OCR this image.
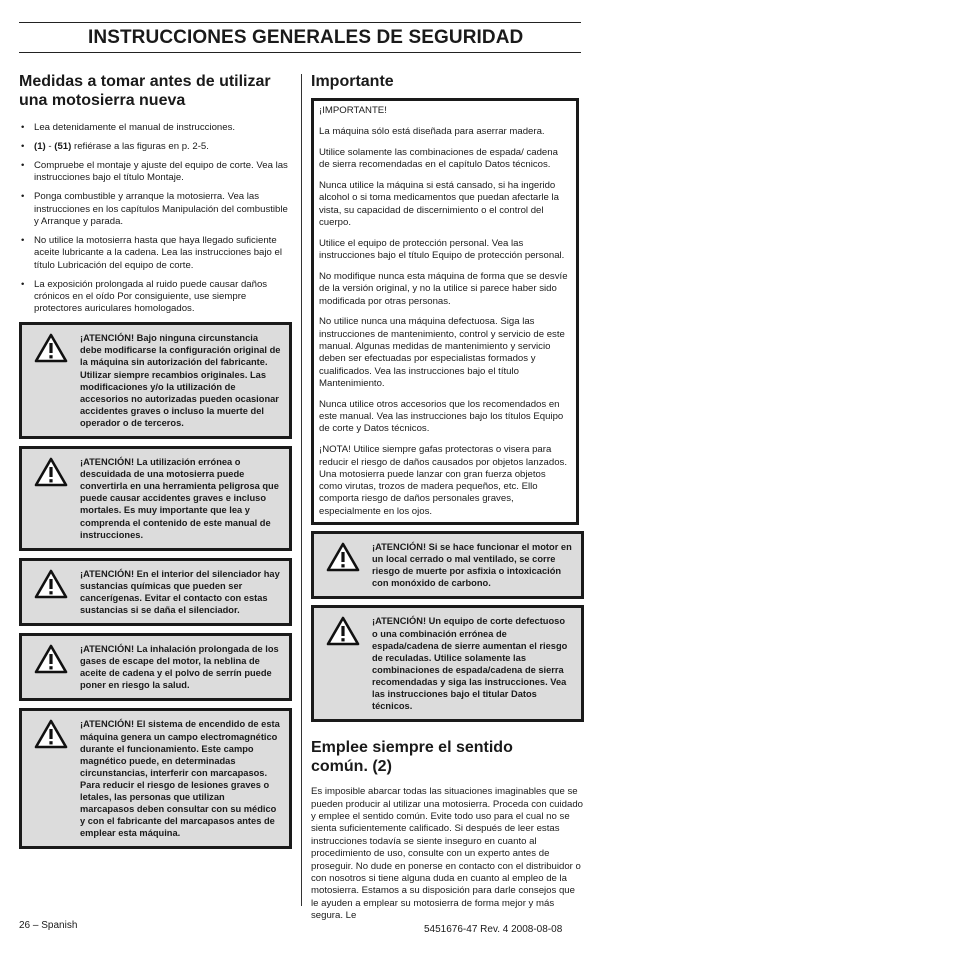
INSTRUCCIONES GENERALES DE SEGURIDAD
Medidas a tomar antes de utilizar una motosierra nueva
• Lea detenidamente el manual de instrucciones.
• (1) - (51) refiérase a las figuras en p. 2-5.
• Compruebe el montaje y ajuste del equipo de corte. Vea las instrucciones bajo el título Montaje.
• Ponga combustible y arranque la motosierra. Vea las instrucciones en los capítulos Manipulación del combustible y Arranque y parada.
• No utilice la motosierra hasta que haya llegado suficiente aceite lubricante a la cadena. Lea las instrucciones bajo el título Lubricación del equipo de corte.
• La exposición prolongada al ruido puede causar daños crónicos en el oído Por consiguiente, use siempre protectores auriculares homologados.
¡ATENCIÓN! Bajo ninguna circunstancia debe modificarse la configuración original de la máquina sin autorización del fabricante. Utilizar siempre recambios originales. Las modificaciones y/o la utilización de accesorios no autorizadas pueden ocasionar accidentes graves o incluso la muerte del operador o de terceros.
¡ATENCIÓN! La utilización errónea o descuidada de una motosierra puede convertirla en una herramienta peligrosa que puede causar accidentes graves e incluso mortales. Es muy importante que lea y comprenda el contenido de este manual de instrucciones.
¡ATENCIÓN! En el interior del silenciador hay sustancias químicas que pueden ser cancerígenas. Evitar el contacto con estas sustancias si se daña el silenciador.
¡ATENCIÓN! La inhalación prolongada de los gases de escape del motor, la neblina de aceite de cadena y el polvo de serrín puede poner en riesgo la salud.
¡ATENCIÓN! El sistema de encendido de esta máquina genera un campo electromagnético durante el funcionamiento. Este campo magnético puede, en determinadas circunstancias, interferir con marcapasos. Para reducir el riesgo de lesiones graves o letales, las personas que utilizan marcapasos deben consultar con su médico y con el fabricante del marcapasos antes de emplear esta máquina.
Importante

¡IMPORTANTE!

La máquina sólo está diseñada para aserrar madera.

Utilice solamente las combinaciones de espada/ cadena de sierra recomendadas en el capítulo Datos técnicos.

Nunca utilice la máquina si está cansado, si ha ingerido alcohol o si toma medicamentos que puedan afectarle la vista, su capacidad de discernimiento o el control del cuerpo.

Utilice el equipo de protección personal. Vea las instrucciones bajo el título Equipo de protección personal.

No modifique nunca esta máquina de forma que se desvíe de la versión original, y no la utilice si parece haber sido modificada por otras personas.

No utilice nunca una máquina defectuosa. Siga las instrucciones de mantenimiento, control y servicio de este manual. Algunas medidas de mantenimiento y servicio deben ser efectuadas por especialistas formados y cualificados. Vea las instrucciones bajo el título Mantenimiento.

Nunca utilice otros accesorios que los recomendados en este manual. Vea las instrucciones bajo los títulos Equipo de corte y Datos técnicos.

¡NOTA! Utilice siempre gafas protectoras o visera para reducir el riesgo de daños causados por objetos lanzados. Una motosierra puede lanzar con gran fuerza objetos como virutas, trozos de madera pequeños, etc. Ello comporta riesgo de daños personales graves, especialmente en los ojos.

¡ATENCIÓN! Si se hace funcionar el motor en un local cerrado o mal ventilado, se corre riesgo de muerte por asfixia o intoxicación con monóxido de carbono.
¡ATENCIÓN! Un equipo de corte defectuoso o una combinación errónea de espada/cadena de sierre aumentan el riesgo de reculadas. Utilice solamente las combinaciones de espada/cadena de sierra recomendadas y siga las instrucciones. Vea las instrucciones bajo el titular Datos técnicos.
Emplee siempre el sentido común. (2)

Es imposible abarcar todas las situaciones imaginables que se pueden producir al utilizar una motosierra. Proceda con cuidado y emplee el sentido común. Evite todo uso para el cual no se sienta suficientemente calificado. Si después de leer estas instrucciones todavía se siente inseguro en cuanto al procedimiento de uso, consulte con un experto antes de proseguir. No dude en ponerse en contacto con el distribuidor o con nosotros si tiene alguna duda en cuanto al empleo de la motosierra. Estamos a su disposición para darle consejos que le ayuden a emplear su motosierra de forma mejor y más segura. Le

26 – Spanish	5451676-47 Rev. 4 2008-08-08
